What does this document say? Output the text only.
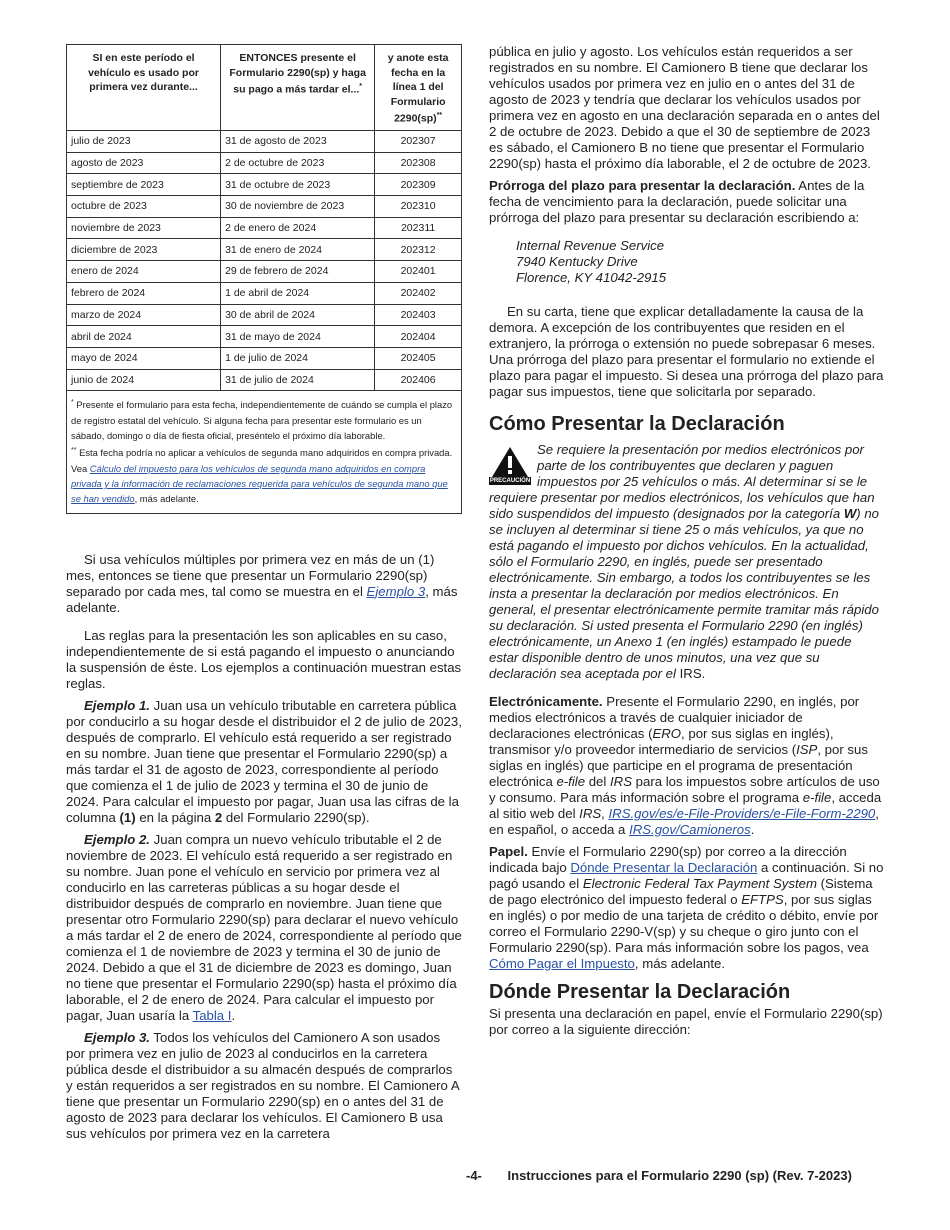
SI en este período el vehículo es usado por primera vez durante...	ENTONCES presente el Formulario 2290(sp) y haga su pago a más tardar el...*	y anote esta fecha en la línea 1 del Formulario 2290(sp)**
julio de 2023	31 de agosto de 2023	202307
agosto de 2023	2 de octubre de 2023	202308
septiembre de 2023	31 de octubre de 2023	202309
octubre de 2023	30 de noviembre de 2023	202310
noviembre de 2023	2 de enero de 2024	202311
diciembre de 2023	31 de enero de 2024	202312
enero de 2024	29 de febrero de 2024	202401
febrero de 2024	1 de abril de 2024	202402
marzo de 2024	30 de abril de 2024	202403
abril de 2024	31 de mayo de 2024	202404
mayo de 2024	1 de julio de 2024	202405
junio de 2024	31 de julio de 2024	202406
* Presente el formulario para esta fecha, independientemente de cuándo se cumpla el plazo de registro estatal del vehículo. Si alguna fecha para presentar este formulario es un sábado, domingo o día de fiesta oficial, preséntelo el próximo día laborable.
** Esta fecha podría no aplicar a vehículos de segunda mano adquiridos en compra privada. Vea Cálculo del impuesto para los vehículos de segunda mano adquiridos en compra privada y la información de reclamaciones requerida para vehículos de segunda mano que se han vendido, más adelante.

Si usa vehículos múltiples por primera vez en más de un (1) mes, entonces se tiene que presentar un Formulario 2290(sp) separado por cada mes, tal como se muestra en el Ejemplo 3, más adelante.

Las reglas para la presentación les son aplicables en su caso, independientemente de si está pagando el impuesto o anunciando la suspensión de éste. Los ejemplos a continuación muestran estas reglas.

Ejemplo 1. Juan usa un vehículo tributable en carretera pública por conducirlo a su hogar desde el distribuidor el 2 de julio de 2023, después de comprarlo. El vehículo está requerido a ser registrado en su nombre. Juan tiene que presentar el Formulario 2290(sp) a más tardar el 31 de agosto de 2023, correspondiente al período que comienza el 1 de julio de 2023 y termina el 30 de junio de 2024. Para calcular el impuesto por pagar, Juan usa las cifras de la columna (1) en la página 2 del Formulario 2290(sp).

Ejemplo 2. Juan compra un nuevo vehículo tributable el 2 de noviembre de 2023. El vehículo está requerido a ser registrado en su nombre. Juan pone el vehículo en servicio por primera vez al conducirlo en las carreteras públicas a su hogar desde el distribuidor después de comprarlo en noviembre. Juan tiene que presentar otro Formulario 2290(sp) para declarar el nuevo vehículo a más tardar el 2 de enero de 2024, correspondiente al período que comienza el 1 de noviembre de 2023 y termina el 30 de junio de 2024. Debido a que el 31 de diciembre de 2023 es domingo, Juan no tiene que presentar el Formulario 2290(sp) hasta el próximo día laborable, el 2 de enero de 2024. Para calcular el impuesto por pagar, Juan usaría la Tabla I.

Ejemplo 3. Todos los vehículos del Camionero A son usados por primera vez en julio de 2023 al conducirlos en la carretera pública desde el distribuidor a su almacén después de comprarlos y están requeridos a ser registrados en su nombre. El Camionero A tiene que presentar un Formulario 2290(sp) en o antes del 31 de agosto de 2023 para declarar los vehículos. El Camionero B usa sus vehículos por primera vez en la carretera

pública en julio y agosto. Los vehículos están requeridos a ser registrados en su nombre. El Camionero B tiene que declarar los vehículos usados por primera vez en julio en o antes del 31 de agosto de 2023 y tendría que declarar los vehículos usados por primera vez en agosto en una declaración separada en o antes del 2 de octubre de 2023. Debido a que el 30 de septiembre de 2023 es sábado, el Camionero B no tiene que presentar el Formulario 2290(sp) hasta el próximo día laborable, el 2 de octubre de 2023.

Prórroga del plazo para presentar la declaración. Antes de la fecha de vencimiento para la declaración, puede solicitar una prórroga del plazo para presentar su declaración escribiendo a:

Internal Revenue Service
7940 Kentucky Drive
Florence, KY 41042-2915

En su carta, tiene que explicar detalladamente la causa de la demora. A excepción de los contribuyentes que residen en el extranjero, la prórroga o extensión no puede sobrepasar 6 meses. Una prórroga del plazo para presentar el formulario no extiende el plazo para pagar el impuesto. Si desea una prórroga del plazo para pagar sus impuestos, tiene que solicitarla por separado.

Cómo Presentar la Declaración
PRECAUCIÓN
Se requiere la presentación por medios electrónicos por parte de los contribuyentes que declaren y paguen impuestos por 25 vehículos o más. Al determinar si se le requiere presentar por medios electrónicos, los vehículos que han sido suspendidos del impuesto (designados por la categoría W) no se incluyen al determinar si tiene 25 o más vehículos, ya que no está pagando el impuesto por dichos vehículos. En la actualidad, sólo el Formulario 2290, en inglés, puede ser presentado electrónicamente. Sin embargo, a todos los contribuyentes se les insta a presentar la declaración por medios electrónicos. En general, el presentar electrónicamente permite tramitar más rápido su declaración. Si usted presenta el Formulario 2290 (en inglés) electrónicamente, un Anexo 1 (en inglés) estampado le puede estar disponible dentro de unos minutos, una vez que su declaración sea aceptada por el IRS.

Electrónicamente. Presente el Formulario 2290, en inglés, por medios electrónicos a través de cualquier iniciador de declaraciones electrónicas (ERO, por sus siglas en inglés), transmisor y/o proveedor intermediario de servicios (ISP, por sus siglas en inglés) que participe en el programa de presentación electrónica e-file del IRS para los impuestos sobre artículos de uso y consumo. Para más información sobre el programa e-file, acceda al sitio web del IRS, IRS.gov/es/e-File-Providers/e-File-Form-2290, en español, o acceda a IRS.gov/Camioneros.

Papel. Envíe el Formulario 2290(sp) por correo a la dirección indicada bajo Dónde Presentar la Declaración a continuación. Si no pagó usando el Electronic Federal Tax Payment System (Sistema de pago electrónico del impuesto federal o EFTPS, por sus siglas en inglés) o por medio de una tarjeta de crédito o débito, envíe por correo el Formulario 2290-V(sp) y su cheque o giro junto con el Formulario 2290(sp). Para más información sobre los pagos, vea Cómo Pagar el Impuesto, más adelante.

Dónde Presentar la Declaración

Si presenta una declaración en papel, envíe el Formulario 2290(sp) por correo a la siguiente dirección:

-4- Instrucciones para el Formulario 2290 (sp) (Rev. 7-2023)
